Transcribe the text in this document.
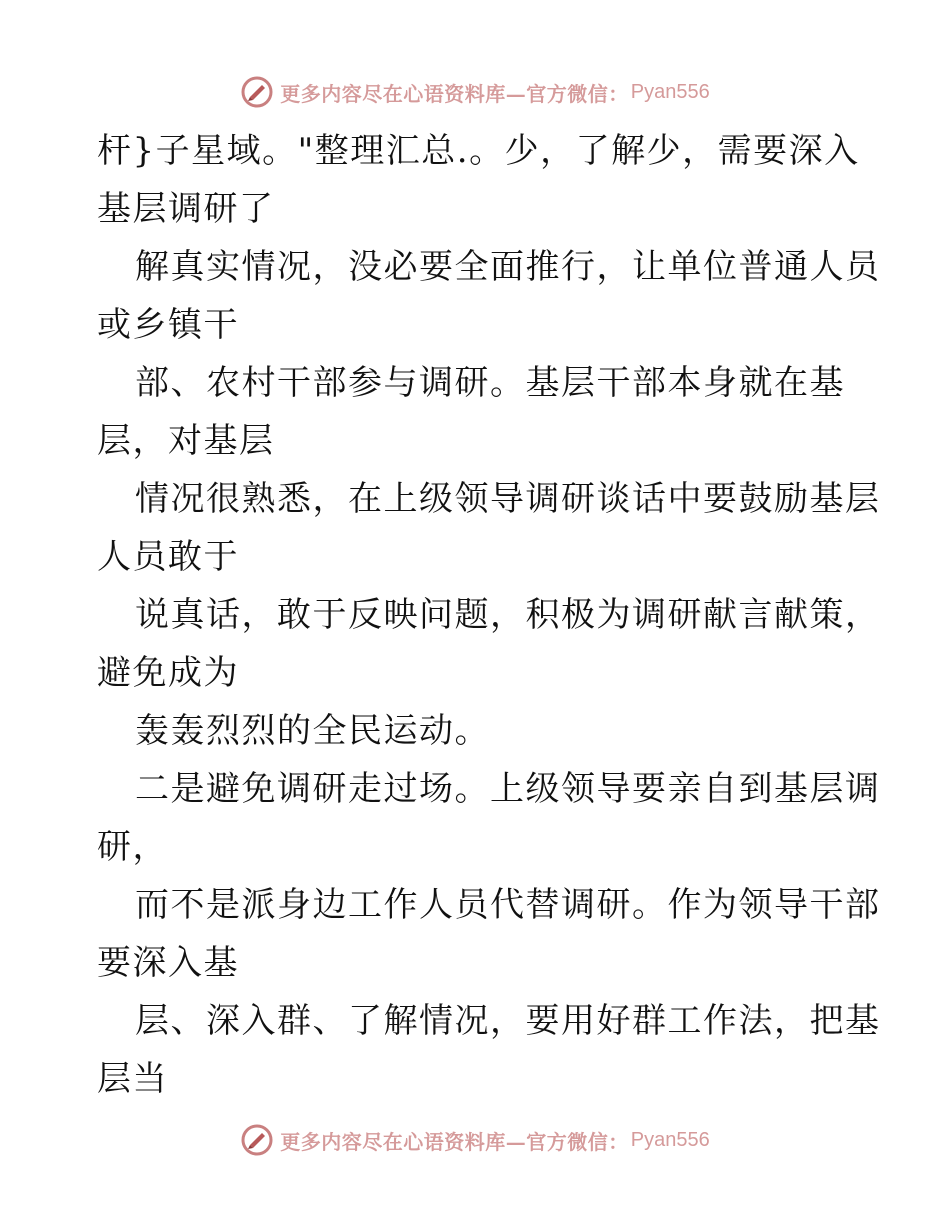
更多内容尽在心语资料库—官方微信： Pyan556
杆}子星域。"整理汇总.。少，了解少，需要深入
基层调研了
解真实情况，没必要全面推行，让单位普通人员
或乡镇干
部、农村干部参与调研。基层干部本身就在基
层，对基层
情况很熟悉，在上级领导调研谈话中要鼓励基层
人员敢于
说真话，敢于反映问题，积极为调研献言献策，
避免成为
轰轰烈烈的全民运动。
二是避免调研走过场。上级领导要亲自到基层调
研，
而不是派身边工作人员代替调研。作为领导干部
要深入基
层、深入群、了解情况，要用好群工作法，把基
层当
更多内容尽在心语资料库—官方微信： Pyan556
